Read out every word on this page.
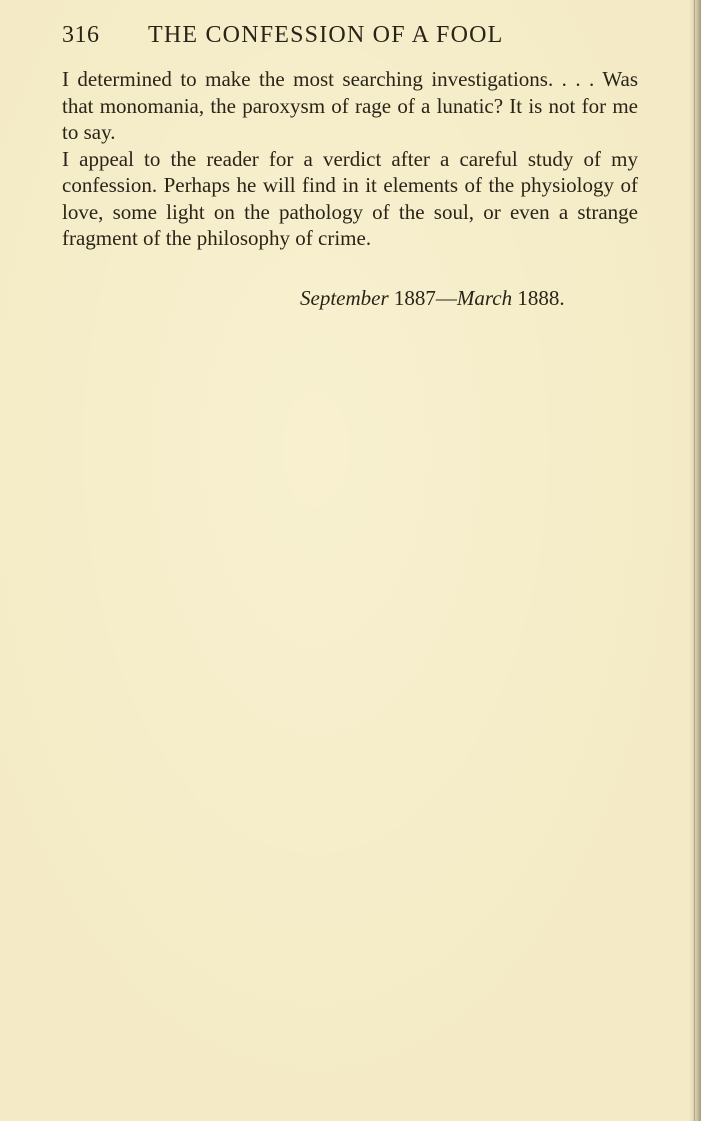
316 THE CONFESSION OF A FOOL

I determined to make the most searching investigations. . . . Was that monomania, the paroxysm of rage of a lunatic? It is not for me to say.

I appeal to the reader for a verdict after a careful study of my confession. Perhaps he will find in it elements of the physiology of love, some light on the pathology of the soul, or even a strange fragment of the philosophy of crime.

September 1887—March 1888.
